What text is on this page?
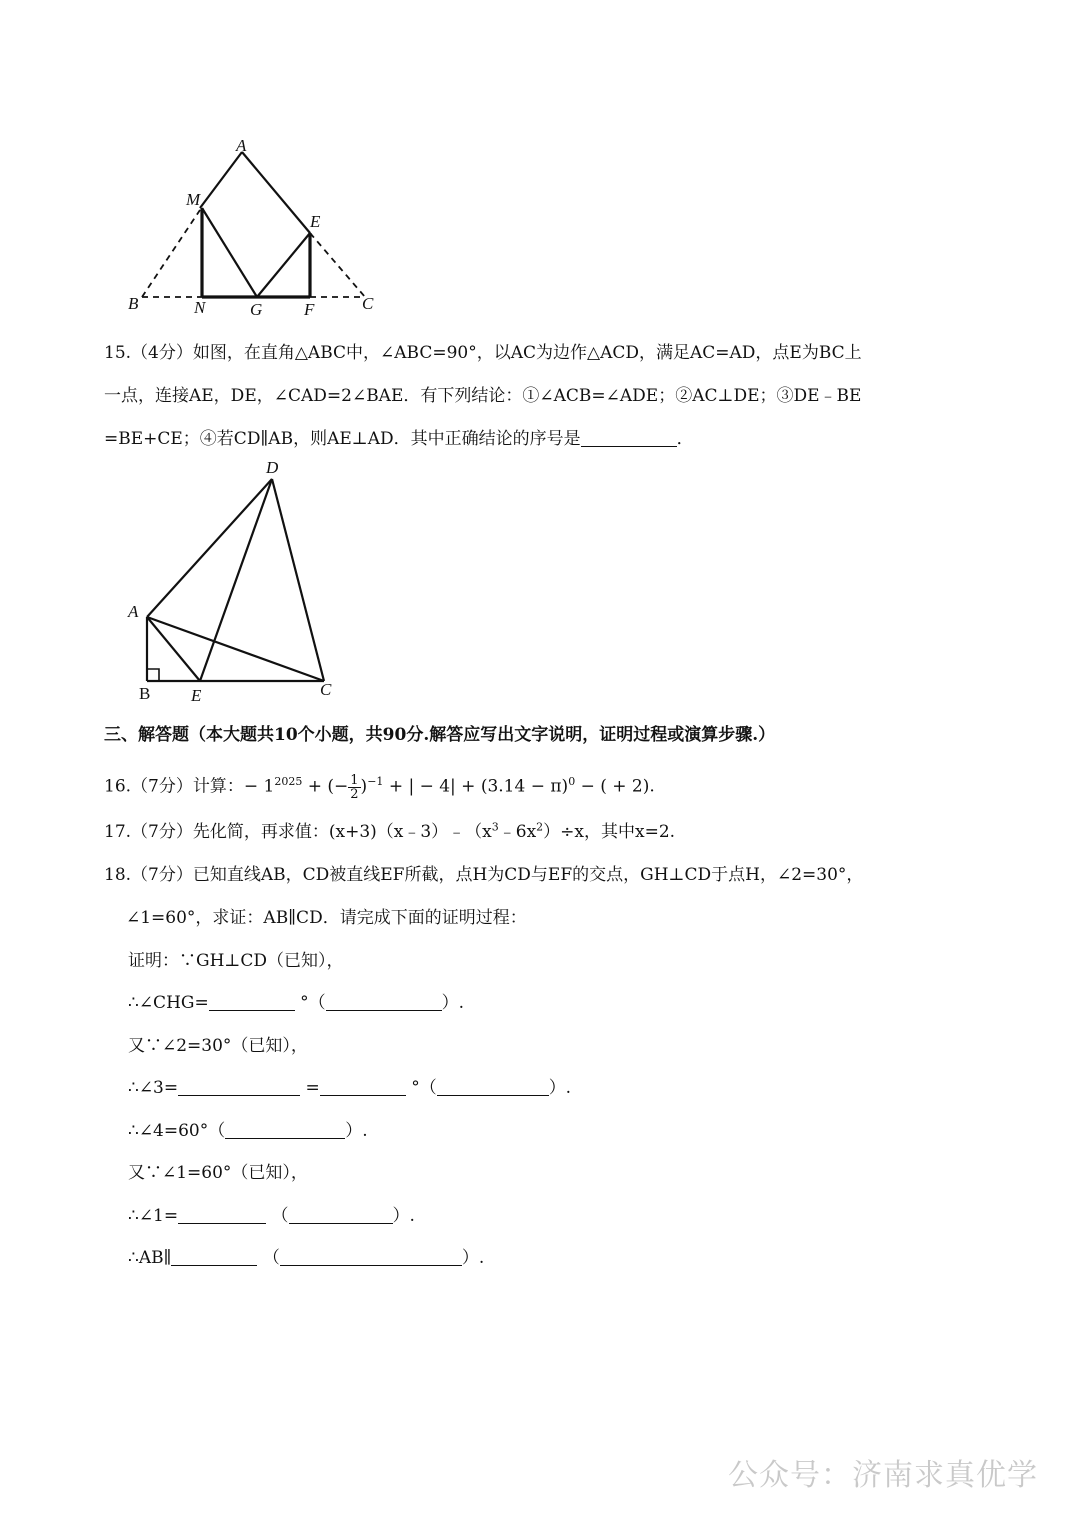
A
M
E
B	N	G F	C
15.（4分）如图，在直角△ABC中，∠ABC=90°，以AC为边作△ACD，满足AC=AD，点E为BC上
一点，连接AE，DE，∠CAD=2∠BAE．有下列结论：①∠ACB=∠ADE；②AC⊥DE；③DE﹣BE
=BE+CE；④若CD∥AB，则AE⊥AD．其中正确结论的序号是	．
D
A
B E	C
三、解答题（本大题共10个小题，共90分.解答应写出文字说明，证明过程或演算步骤.）
16.（7分）计算：− $1^{2025}$ + (− $\frac{1}{2} )^{-1}$ + | − $4| + (3.14 - \pi)^0$ − ( + 2).
17.（7分）先化简，再求值：$(x+3)(x﹣3)﹣(x^3﹣6x^2)\div x$，其中x=2.
18.（7分）已知直线AB，CD被直线EF所截，点H为CD与EF的交点，GH⊥CD于点H，∠2=30°，
∠1=60°，求证：AB∥CD．请完成下面的证明过程：
证明：∵GH⊥CD（已知），
∴∠CHG=	°（	）.
又∵∠2=30°（已知），
∴∠3=	=	°（	）.
∴∠4=60°（	）.
又∵∠1=60°（已知），
∴∠1=	（	）.
∴AB∥	（	）.
公众号：济南求真优学
